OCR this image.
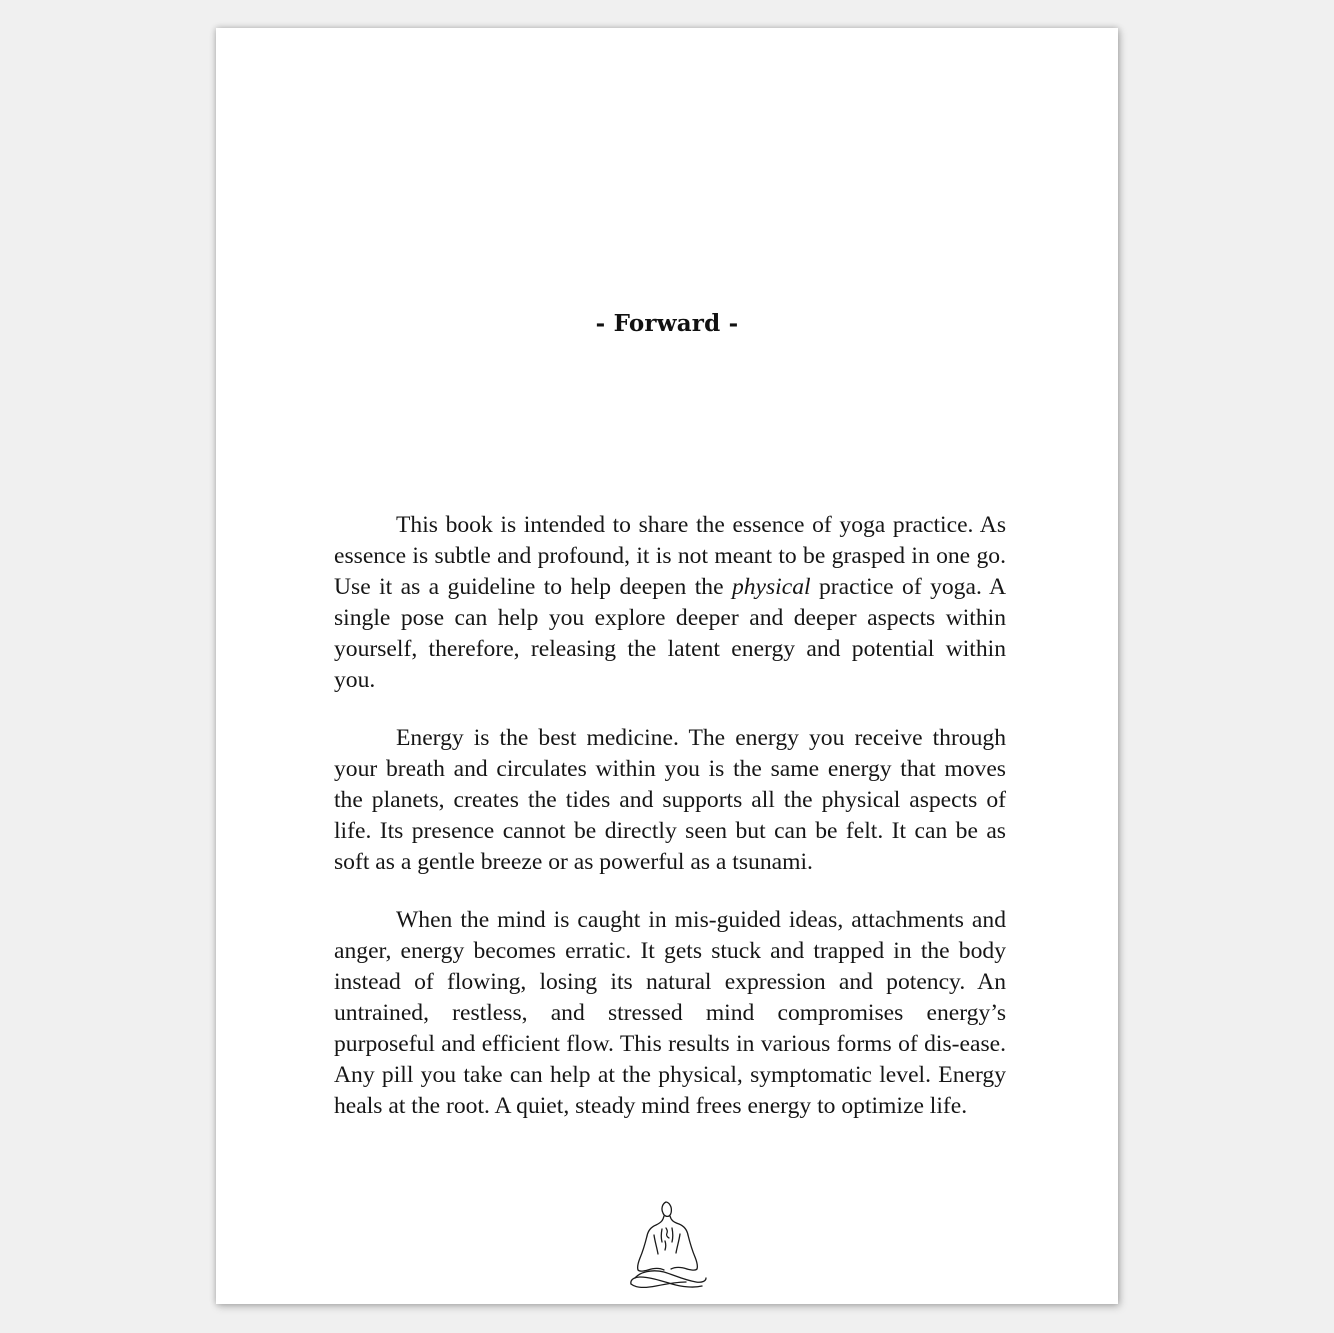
- Forward -

This book is intended to share the essence of yoga practice. As essence is subtle and profound, it is not meant to be grasped in one go. Use it as a guideline to help deepen the physical practice of yoga. A single pose can help you explore deeper and deeper aspects within yourself, therefore, releasing the latent energy and potential within you.

Energy is the best medicine. The energy you receive through your breath and circulates within you is the same energy that moves the planets, creates the tides and supports all the physical aspects of life. Its presence cannot be directly seen but can be felt. It can be as soft as a gentle breeze or as powerful as a tsunami.

When the mind is caught in mis-guided ideas, attachments and anger, energy becomes erratic. It gets stuck and trapped in the body instead of flowing, losing its natural expression and potency. An untrained, restless, and stressed mind compromises energy’s purposeful and efficient flow. This results in various forms of dis-ease. Any pill you take can help at the physical, symptomatic level. Energy heals at the root. A quiet, steady mind frees energy to optimize life.
